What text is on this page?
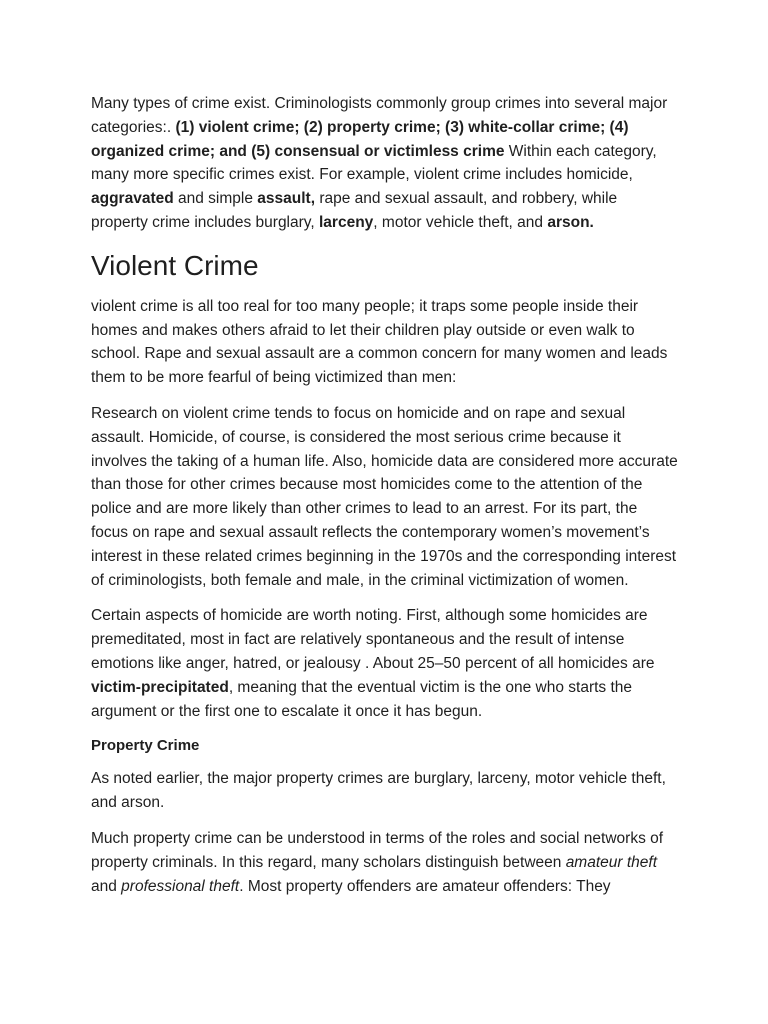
Many types of crime exist. Criminologists commonly group crimes into several major categories:. (1) violent crime; (2) property crime; (3) white-collar crime; (4) organized crime; and (5) consensual or victimless crime Within each category, many more specific crimes exist. For example, violent crime includes homicide, aggravated and simple assault, rape and sexual assault, and robbery, while property crime includes burglary, larceny, motor vehicle theft, and arson.

Violent Crime

violent crime is all too real for too many people; it traps some people inside their homes and makes others afraid to let their children play outside or even walk to school. Rape and sexual assault are a common concern for many women and leads them to be more fearful of being victimized than men:

Research on violent crime tends to focus on homicide and on rape and sexual assault. Homicide, of course, is considered the most serious crime because it involves the taking of a human life. Also, homicide data are considered more accurate than those for other crimes because most homicides come to the attention of the police and are more likely than other crimes to lead to an arrest. For its part, the focus on rape and sexual assault reflects the contemporary women’s movement’s interest in these related crimes beginning in the 1970s and the corresponding interest of criminologists, both female and male, in the criminal victimization of women.

Certain aspects of homicide are worth noting. First, although some homicides are premeditated, most in fact are relatively spontaneous and the result of intense emotions like anger, hatred, or jealousy . About 25–50 percent of all homicides are victim-precipitated, meaning that the eventual victim is the one who starts the argument or the first one to escalate it once it has begun.

Property Crime

As noted earlier, the major property crimes are burglary, larceny, motor vehicle theft, and arson.

Much property crime can be understood in terms of the roles and social networks of property criminals. In this regard, many scholars distinguish between amateur theft and professional theft. Most property offenders are amateur offenders: They
